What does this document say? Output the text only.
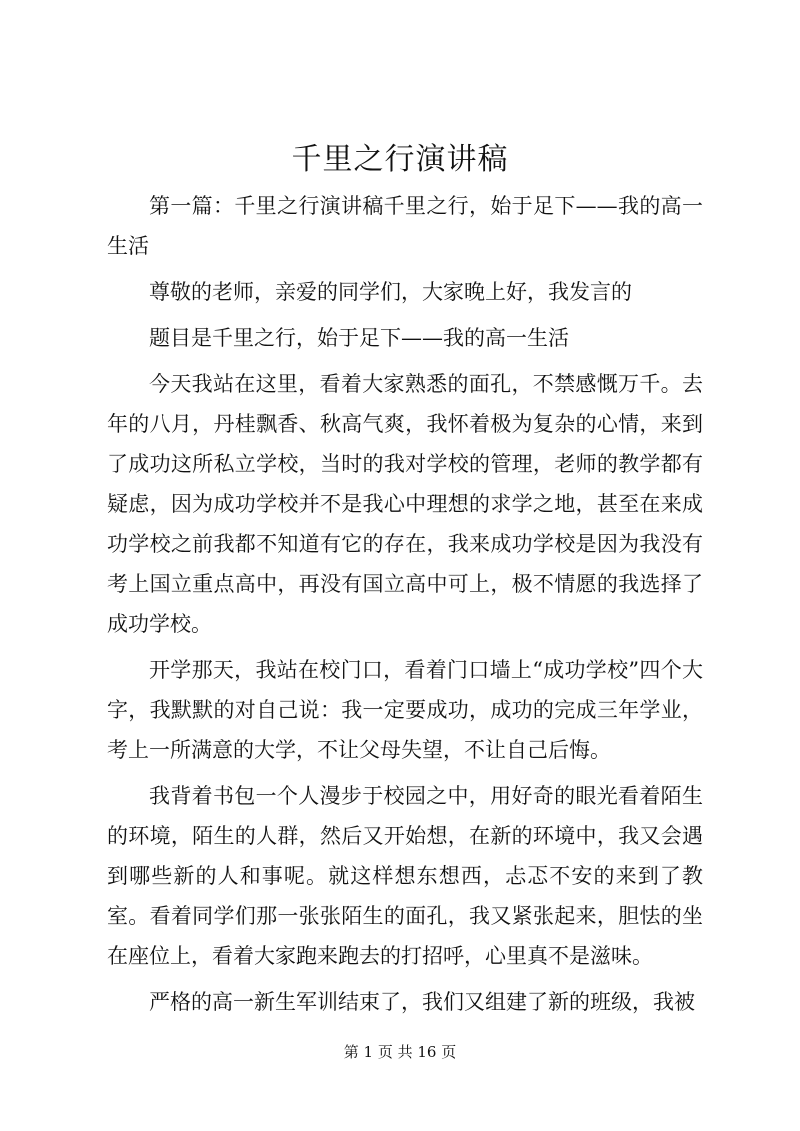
千里之行演讲稿

第一篇：千里之行演讲稿千里之行，始于足下——我的高一生活

尊敬的老师，亲爱的同学们，大家晚上好，我发言的

题目是千里之行，始于足下——我的高一生活

今天我站在这里，看着大家熟悉的面孔，不禁感慨万千。去年的八月，丹桂飘香、秋高气爽，我怀着极为复杂的心情，来到了成功这所私立学校，当时的我对学校的管理，老师的教学都有疑虑，因为成功学校并不是我心中理想的求学之地，甚至在来成功学校之前我都不知道有它的存在，我来成功学校是因为我没有考上国立重点高中，再没有国立高中可上，极不情愿的我选择了成功学校。

开学那天，我站在校门口，看着门口墙上“成功学校”四个大字，我默默的对自己说：我一定要成功，成功的完成三年学业，考上一所满意的大学，不让父母失望，不让自己后悔。

我背着书包一个人漫步于校园之中，用好奇的眼光看着陌生的环境，陌生的人群，然后又开始想，在新的环境中，我又会遇到哪些新的人和事呢。就这样想东想西，忐忑不安的来到了教室。看着同学们那一张张陌生的面孔，我又紧张起来，胆怯的坐在座位上，看着大家跑来跑去的打招呼，心里真不是滋味。

严格的高一新生军训结束了，我们又组建了新的班级，我被

第 1 页 共 16 页
